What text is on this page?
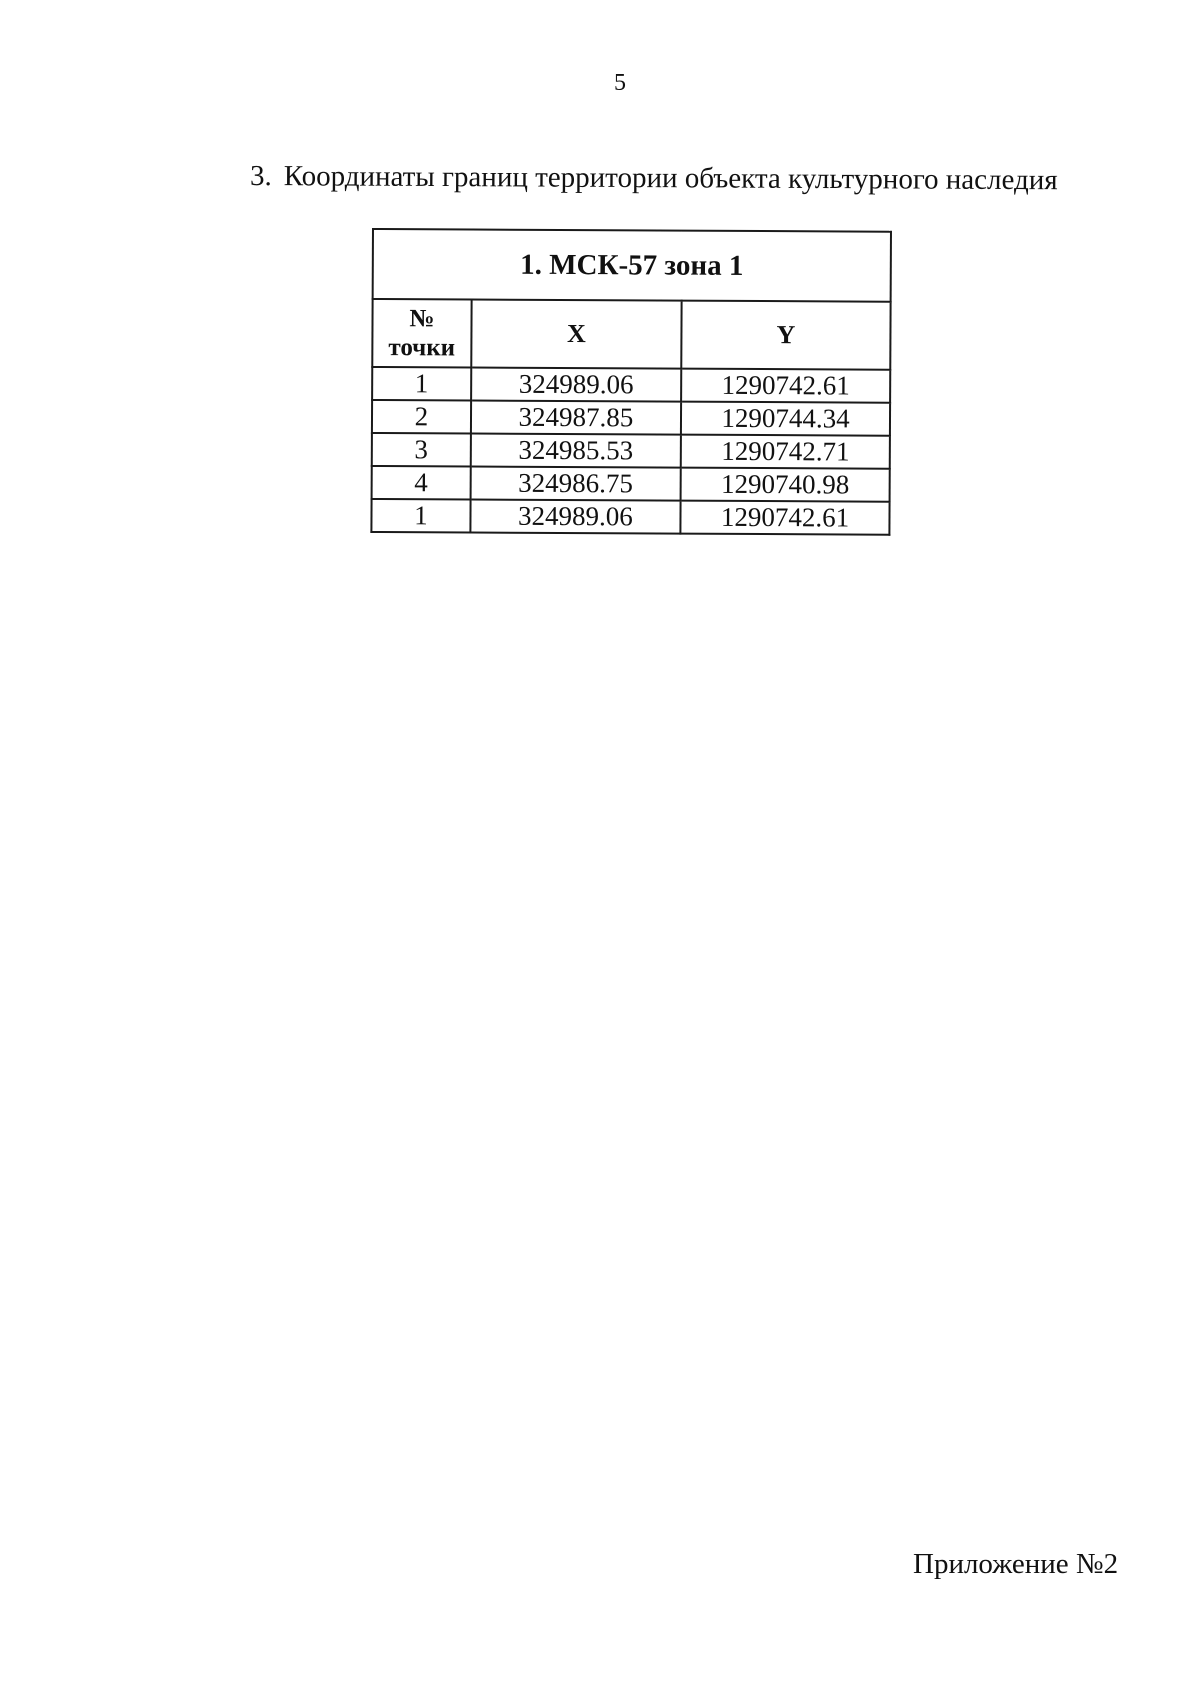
5
3. Координаты границ территории объекта культурного наследия
1. МСК-57 зона 1		

№
точки	X	Y
1	324989.06	1290742.61
2	324987.85	1290744.34
3	324985.53	1290742.71
4	324986.75	1290740.98
1	324989.06	1290742.61
Приложение №2
